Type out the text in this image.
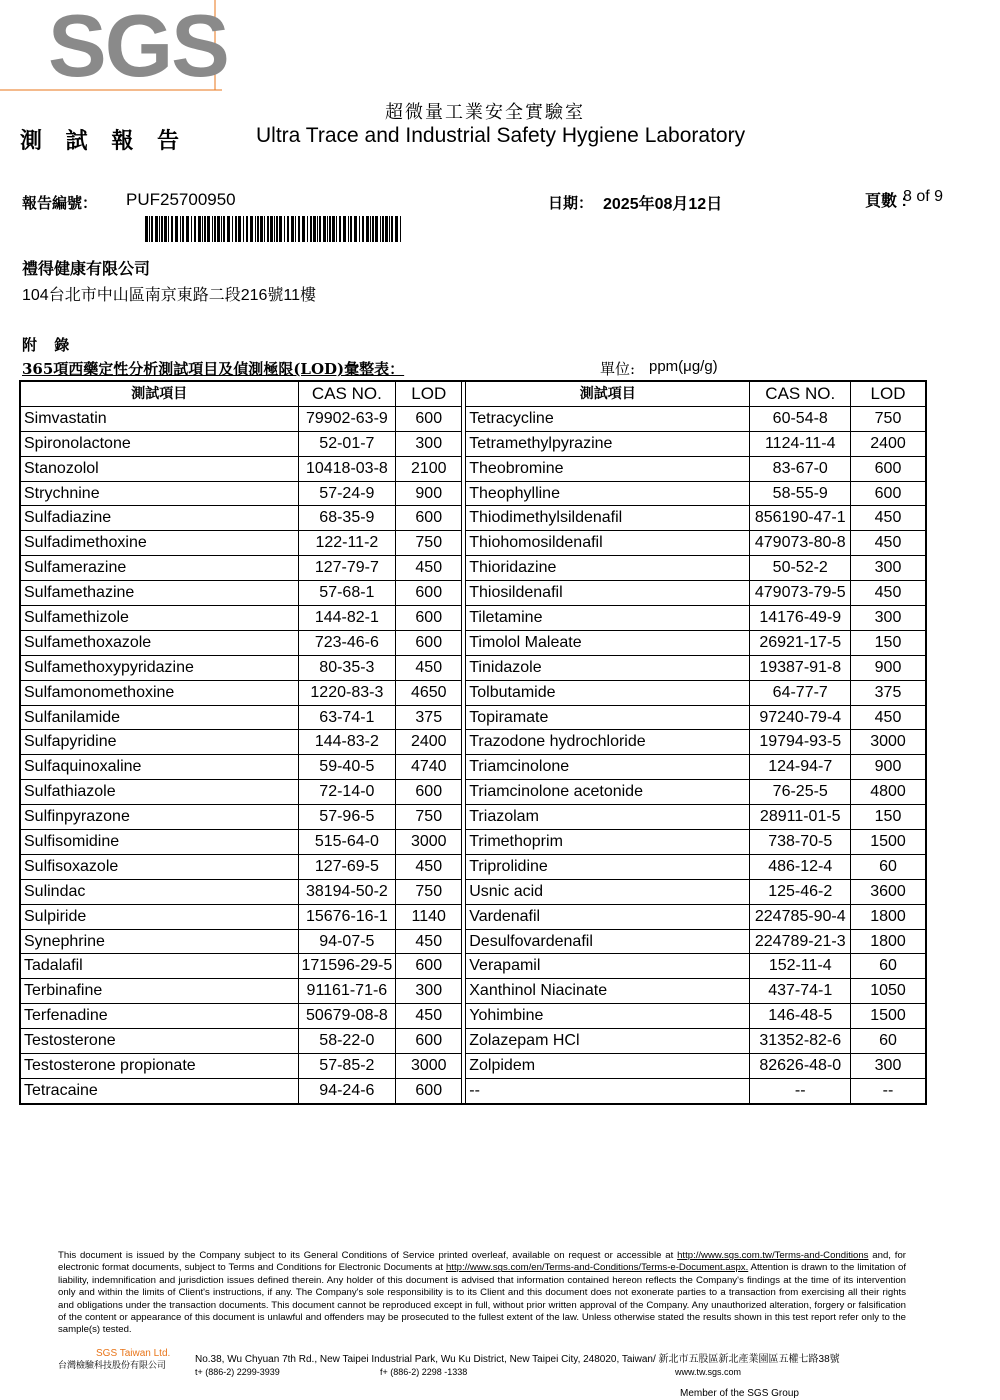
SGS
超微量工業安全實驗室
測 試 報 告	Ultra Trace and Industrial Safety Hygiene Laboratory
報告編號： PUF25700950	日期： 2025年08月12日	頁數 :
8 of 9
禮得健康有限公司
104台北市中山區南京東路二段216號11樓
附 錄
365項西藥定性分析測試項目及偵測極限(LOD)彙整表：	單位: ppm(μg/g)
測試項目	CAS NO.	LOD		測試項目	CAS NO.	LOD
Simvastatin	79902-63-9	600		Tetracycline	60-54-8	750
Spironolactone	52-01-7	300		Tetramethylpyrazine	1124-11-4	2400
Stanozolol	10418-03-8	2100		Theobromine	83-67-0	600
Strychnine	57-24-9	900		Theophylline	58-55-9	600
Sulfadiazine	68-35-9	600		Thiodimethylsildenafil	856190-47-1	450
Sulfadimethoxine	122-11-2	750		Thiohomosildenafil	479073-80-8	450
Sulfamerazine	127-79-7	450		Thioridazine	50-52-2	300
Sulfamethazine	57-68-1	600		Thiosildenafil	479073-79-5	450
Sulfamethizole	144-82-1	600		Tiletamine	14176-49-9	300
Sulfamethoxazole	723-46-6	600		Timolol Maleate	26921-17-5	150
Sulfamethoxypyridazine	80-35-3	450		Tinidazole	19387-91-8	900
Sulfamonomethoxine	1220-83-3	4650		Tolbutamide	64-77-7	375
Sulfanilamide	63-74-1	375		Topiramate	97240-79-4	450
Sulfapyridine	144-83-2	2400		Trazodone hydrochloride	19794-93-5	3000
Sulfaquinoxaline	59-40-5	4740		Triamcinolone	124-94-7	900
Sulfathiazole	72-14-0	600		Triamcinolone acetonide	76-25-5	4800
Sulfinpyrazone	57-96-5	750		Triazolam	28911-01-5	150
Sulfisomidine	515-64-0	3000		Trimethoprim	738-70-5	1500
Sulfisoxazole	127-69-5	450		Triprolidine	486-12-4	60
Sulindac	38194-50-2	750		Usnic acid	125-46-2	3600
Sulpiride	15676-16-1	1140		Vardenafil	224785-90-4	1800
Synephrine	94-07-5	450		Desulfovardenafil	224789-21-3	1800
Tadalafil	171596-29-5	600		Verapamil	152-11-4	60
Terbinafine	91161-71-6	300		Xanthinol Niacinate	437-74-1	1050
Terfenadine	50679-08-8	450		Yohimbine	146-48-5	1500
Testosterone	58-22-0	600		Zolazepam HCl	31352-82-6	60
Testosterone propionate	57-85-2	3000		Zolpidem	82626-48-0	300
Tetracaine	94-24-6	600		--	--	--
This document is issued by the Company subject to its General Conditions of Service printed overleaf, available on request or accessible at http://www.sgs.com.tw/Terms-and-Conditions and, for electronic format documents, subject to Terms and Conditions for Electronic Documents at http://www.sgs.com/en/Terms-and-Conditions/Terms-e-Document.aspx. Attention is drawn to the limitation of liability, indemnification and jurisdiction issues defined therein. Any holder of this document is advised that information contained hereon reflects the Company's findings at the time of its intervention only and within the limits of Client's instructions, if any. The Company's sole responsibility is to its Client and this document does not exonerate parties to a transaction from exercising all their rights and obligations under the transaction documents. This document cannot be reproduced except in full, without prior written approval of the Company. Any unauthorized alteration, forgery or falsification of the content or appearance of this document is unlawful and offenders may be prosecuted to the fullest extent of the law. Unless otherwise stated the results shown in this test report refer only to the sample(s) tested.
SGS Taiwan Ltd.
台灣檢驗科技股份有限公司
No.38, Wu Chyuan 7th Rd., New Taipei Industrial Park, Wu Ku District, New Taipei City, 248020, Taiwan/ 新北市五股區新北產業園區五權七路38號
t+ (886-2) 2299-3939	f+ (886-2) 2298 -1338	www.tw.sgs.com
Member of the SGS Group
